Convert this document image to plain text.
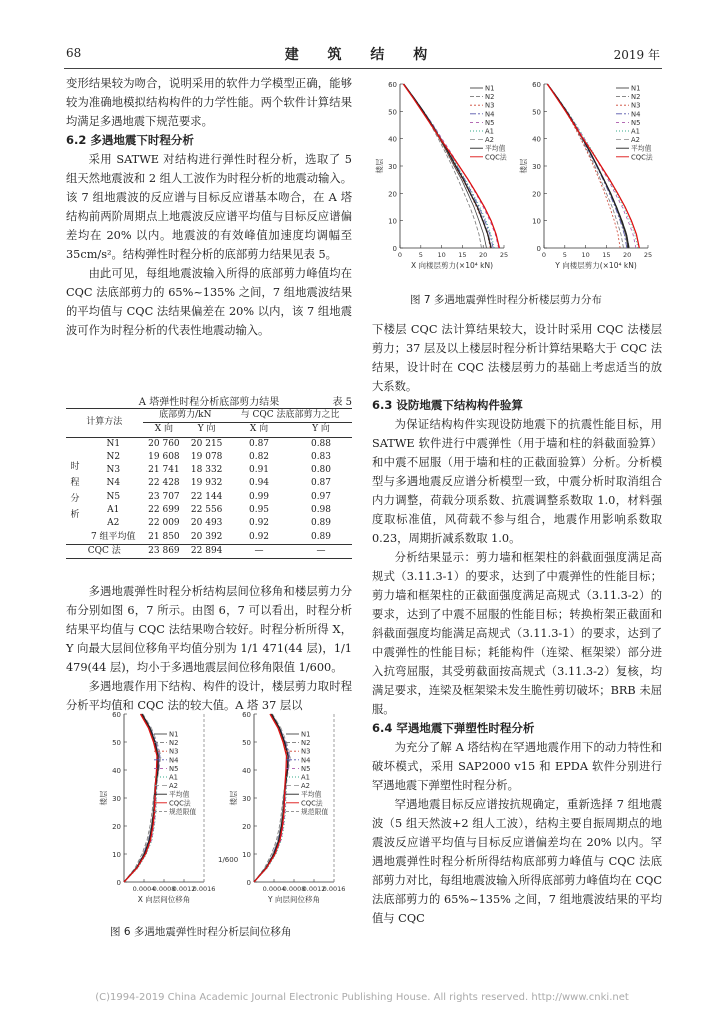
68	建 筑 结 构	2019 年

变形结果较为吻合，说明采用的软件力学模型正确，能够较为准确地模拟结构构件的力学性能。两个软件计算结果均满足多遇地震下规范要求。

6.2 多遇地震下时程分析

采用 SATWE 对结构进行弹性时程分析，选取了 5 组天然地震波和 2 组人工波作为时程分析的地震动输入。该 7 组地震波的反应谱与目标反应谱基本吻合，在 A 塔结构前两阶周期点上地震波反应谱平均值与目标反应谱偏差均在 20% 以内。地震波的有效峰值加速度均调幅至 35cm/s²。结构弹性时程分析的底部剪力结果见表 5。

由此可见，每组地震波输入所得的底部剪力峰值均在 CQC 法底部剪力的 65%~135% 之间，7 组地震波结果的平均值与 CQC 法结果偏差在 20% 以内，该 7 组地震波可作为时程分析的代表性地震动输入。

A 塔弹性时程分析底部剪力结果	表 5
计算方法		底部剪力/kN		与 CQC 法底部剪力之比	
		X 向	Y 向	X 向	Y 向
时 程 分 析	N1	20 760	20 215	0.87	0.88
	N2	19 608	19 078	0.82	0.83
	N3	21 741	18 332	0.91	0.80
	N4	22 428	19 932	0.94	0.87
	N5	23 707	22 144	0.99	0.97
	A1	22 699	22 556	0.95	0.98
	A2	22 009	20 493	0.92	0.89
	7 组平均值	21 850	20 392	0.92	0.89
CQC 法		23 869	22 894	—	—
0
10
20
30
40
50
60
0.0004
0.0008
0.0012
0.0016
楼层
X 向层间位移角
N1
N2
N3
N4
N5
A1
A2
平均值
CQC法
规范限值
0
10
20
30
40
50
60
0.0004
0.0008
0.0012
0.0016
楼层
Y 向层间位移角
N1
N2
N3
N4
N5
A1
A2
平均值
CQC法
规范限值
1/600
图 6 多遇地震弹性时程分析层间位移角

多遇地震弹性时程分析结构层间位移角和楼层剪力分布分别如图 6，7 所示。由图 6，7 可以看出，时程分析结果平均值与 CQC 法结果吻合较好。时程分析所得 X，Y 向最大层间位移角平均值分别为 1/1 471(44 层)，1/1 479(44 层)，均小于多遇地震层间位移角限值 1/600。

多遇地震作用下结构、构件的设计，楼层剪力取时程分析平均值和 CQC 法的较大值。A 塔 37 层以

0
10
20
30
40
50
60
0	5 10 15 20 25
楼层
X 向楼层剪力(×10⁴ kN)
N1
N2
N3
N4
N5
A1
A2
平均值
CQC法
0
10
20
30
40
50
60
0	5 10 15 20 25
楼层
Y 向楼层剪力(×10⁴ kN)
N1
N2
N3
N4
N5
A1
A2
平均值
CQC法
图 7 多遇地震弹性时程分析楼层剪力分布

下楼层 CQC 法计算结果较大，设计时采用 CQC 法楼层剪力；37 层及以上楼层时程分析计算结果略大于 CQC 法结果，设计时在 CQC 法楼层剪力的基础上考虑适当的放大系数。

6.3 设防地震下结构构件验算

为保证结构构件实现设防地震下的抗震性能目标，用 SATWE 软件进行中震弹性（用于墙和柱的斜截面验算）和中震不屈服（用于墙和柱的正截面验算）分析。分析模型与多遇地震反应谱分析模型一致，中震分析时取消组合内力调整，荷载分项系数、抗震调整系数取 1.0，材料强度取标准值，风荷载不参与组合，地震作用影响系数取 0.23，周期折减系数取 1.0。

分析结果显示：剪力墙和框架柱的斜截面强度满足高规式（3.11.3-1）的要求，达到了中震弹性的性能目标；剪力墙和框架柱的正截面强度满足高规式（3.11.3-2）的要求，达到了中震不屈服的性能目标；转换桁架正截面和斜截面强度均能满足高规式（3.11.3-1）的要求，达到了中震弹性的性能目标；耗能构件（连梁、框架梁）部分进入抗弯屈服，其受剪截面按高规式（3.11.3-2）复核，均满足要求，连梁及框架梁未发生脆性剪切破坏；BRB 未屈服。

6.4 罕遇地震下弹塑性时程分析

为充分了解 A 塔结构在罕遇地震作用下的动力特性和破坏模式，采用 SAP2000 v15 和 EPDA 软件分别进行罕遇地震下弹塑性时程分析。

罕遇地震目标反应谱按抗规确定，重新选择 7 组地震波（5 组天然波+2 组人工波），结构主要自振周期点的地震波反应谱平均值与目标反应谱偏差均在 20% 以内。罕遇地震弹性时程分析所得结构底部剪力峰值与 CQC 法底部剪力对比，每组地震波输入所得底部剪力峰值均在 CQC 法底部剪力的 65%~135% 之间，7 组地震波结果的平均值与 CQC

(C)1994-2019 China Academic Journal Electronic Publishing House. All rights reserved. http://www.cnki.net
